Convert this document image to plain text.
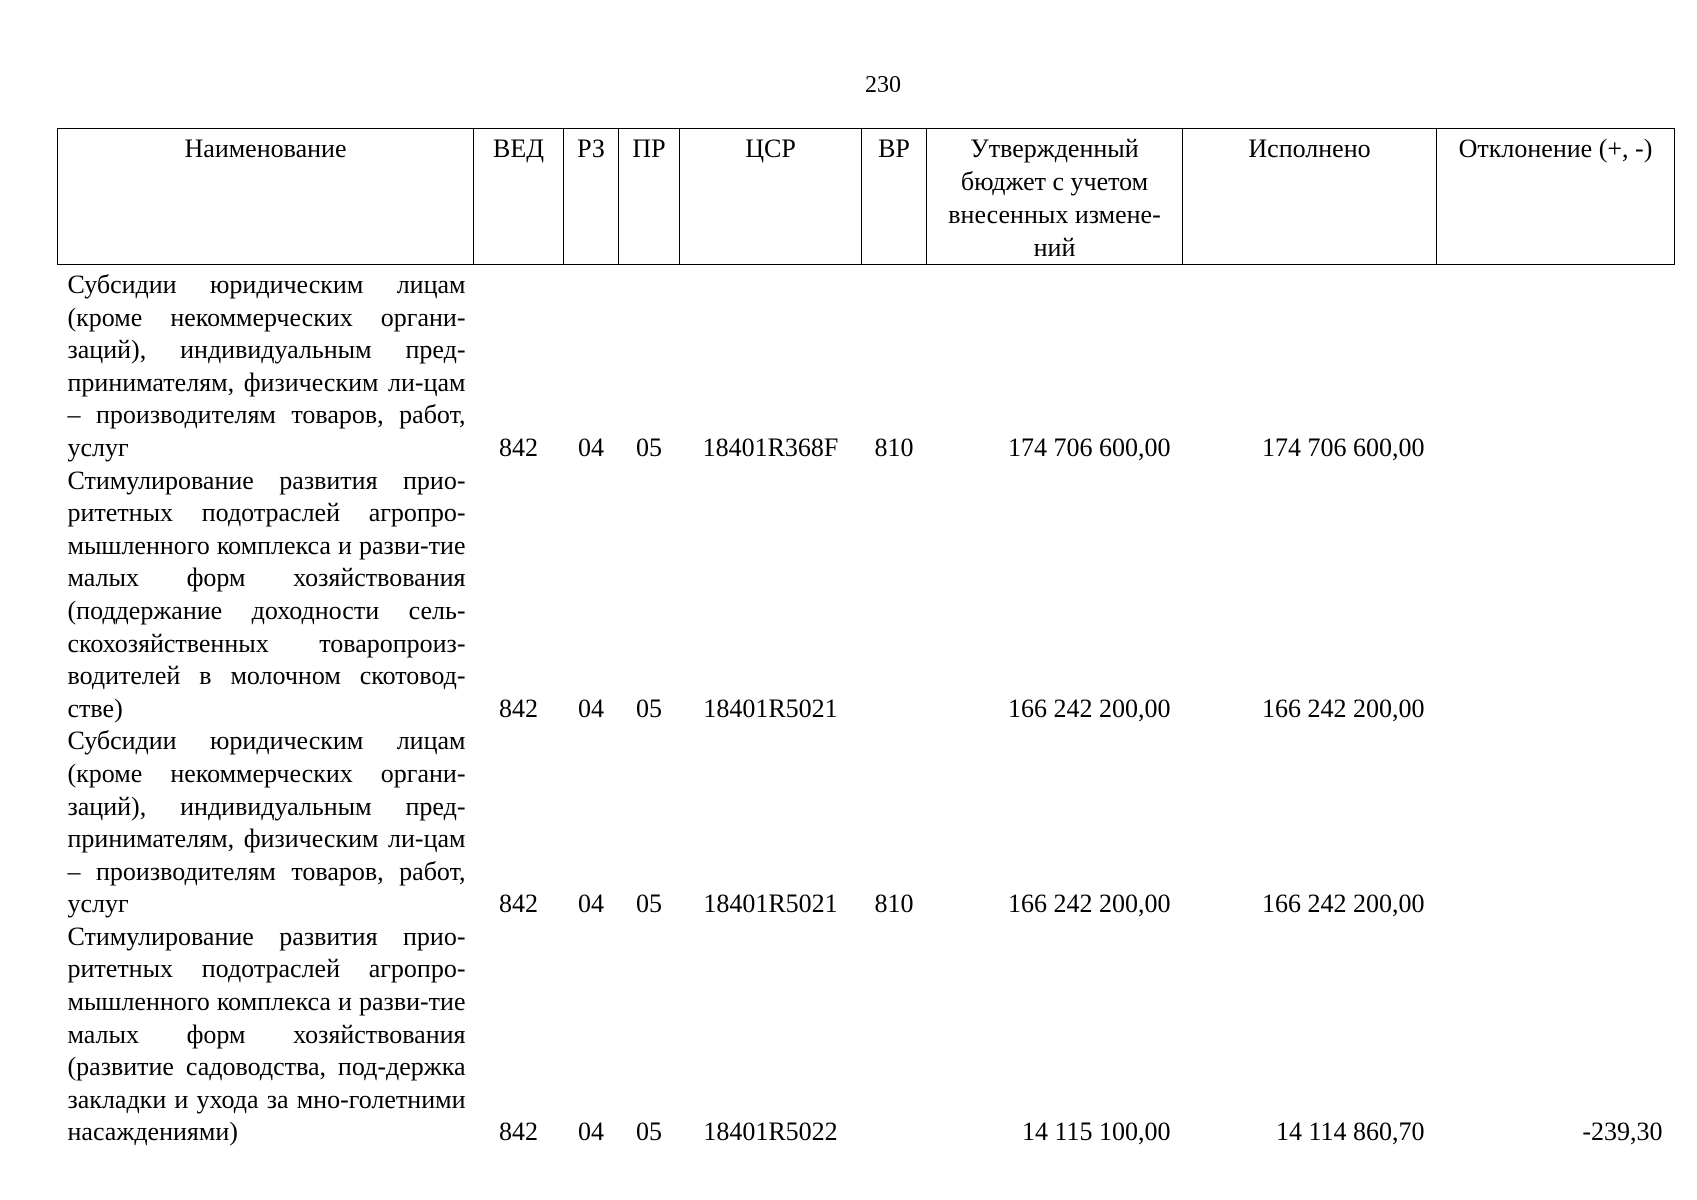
230
Наименование	ВЕД	РЗ	ПР	ЦСР	ВР	Утвержденный бюджет с учетом внесенных измене-ний	Исполнено	Отклонение (+, -)

Субсидии юридическим лицам (кроме некоммерческих органи-заций), индивидуальным пред-принимателям, физическим ли-цам – производителям товаров, работ, услуг	842	04	05	18401R368F	810	174 706 600,00	174 706 600,00	
Стимулирование развития прио-ритетных подотраслей агропро-мышленного комплекса и разви-тие малых форм хозяйствования (поддержание доходности сель-скохозяйственных товаропроиз-водителей в молочном скотовод-стве)	842	04	05	18401R5021		166 242 200,00	166 242 200,00	
Субсидии юридическим лицам (кроме некоммерческих органи-заций), индивидуальным пред-принимателям, физическим ли-цам – производителям товаров, работ, услуг	842	04	05	18401R5021	810	166 242 200,00	166 242 200,00	
Стимулирование развития прио-ритетных подотраслей агропро-мышленного комплекса и разви-тие малых форм хозяйствования (развитие садоводства, под-держка закладки и ухода за мно-голетними насаждениями)	842	04	05	18401R5022		14 115 100,00	14 114 860,70	-239,30
